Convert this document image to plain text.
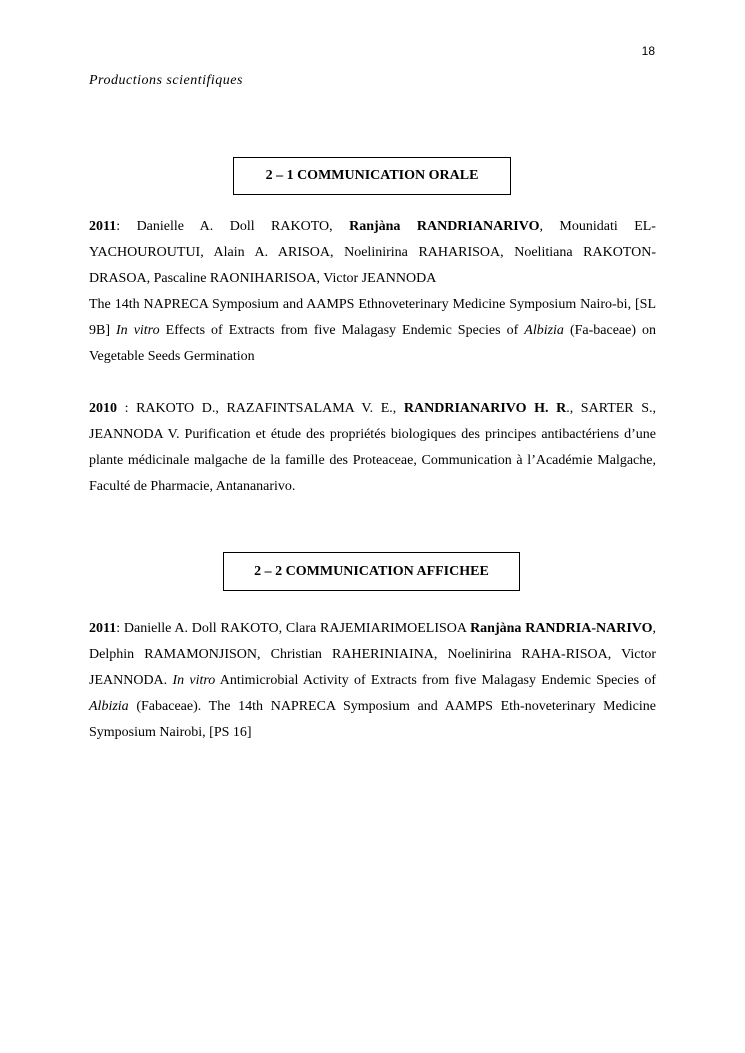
18
Productions scientifiques
2 – 1 COMMUNICATION ORALE

2011: Danielle A. Doll RAKOTO, Ranjàna RANDRIANARIVO, Mounidati EL-YACHOUROUTUI, Alain A. ARISOA, Noelinirina RAHARISOA, Noelitiana RAKOTON-DRASOA, Pascaline RAONIHARISOA, Victor JEANNODA

The 14th NAPRECA Symposium and AAMPS Ethnoveterinary Medicine Symposium Nairo-bi, [SL 9B] In vitro Effects of Extracts from five Malagasy Endemic Species of Albizia (Fa-baceae) on Vegetable Seeds Germination

2010 : RAKOTO D., RAZAFINTSALAMA V. E., RANDRIANARIVO H. R., SARTER S., JEANNODA V. Purification et étude des propriétés biologiques des principes antibactériens d’une plante médicinale malgache de la famille des Proteaceae, Communication à l’Académie Malgache, Faculté de Pharmacie, Antananarivo.

2 – 2 COMMUNICATION AFFICHEE

2011: Danielle A. Doll RAKOTO, Clara RAJEMIARIMOELISOA Ranjàna RANDRIA-NARIVO, Delphin RAMAMONJISON, Christian RAHERINIAINA, Noelinirina RAHA-RISOA, Victor JEANNODA. In vitro Antimicrobial Activity of Extracts from five Malagasy Endemic Species of Albizia (Fabaceae). The 14th NAPRECA Symposium and AAMPS Eth-noveterinary Medicine Symposium Nairobi, [PS 16]
